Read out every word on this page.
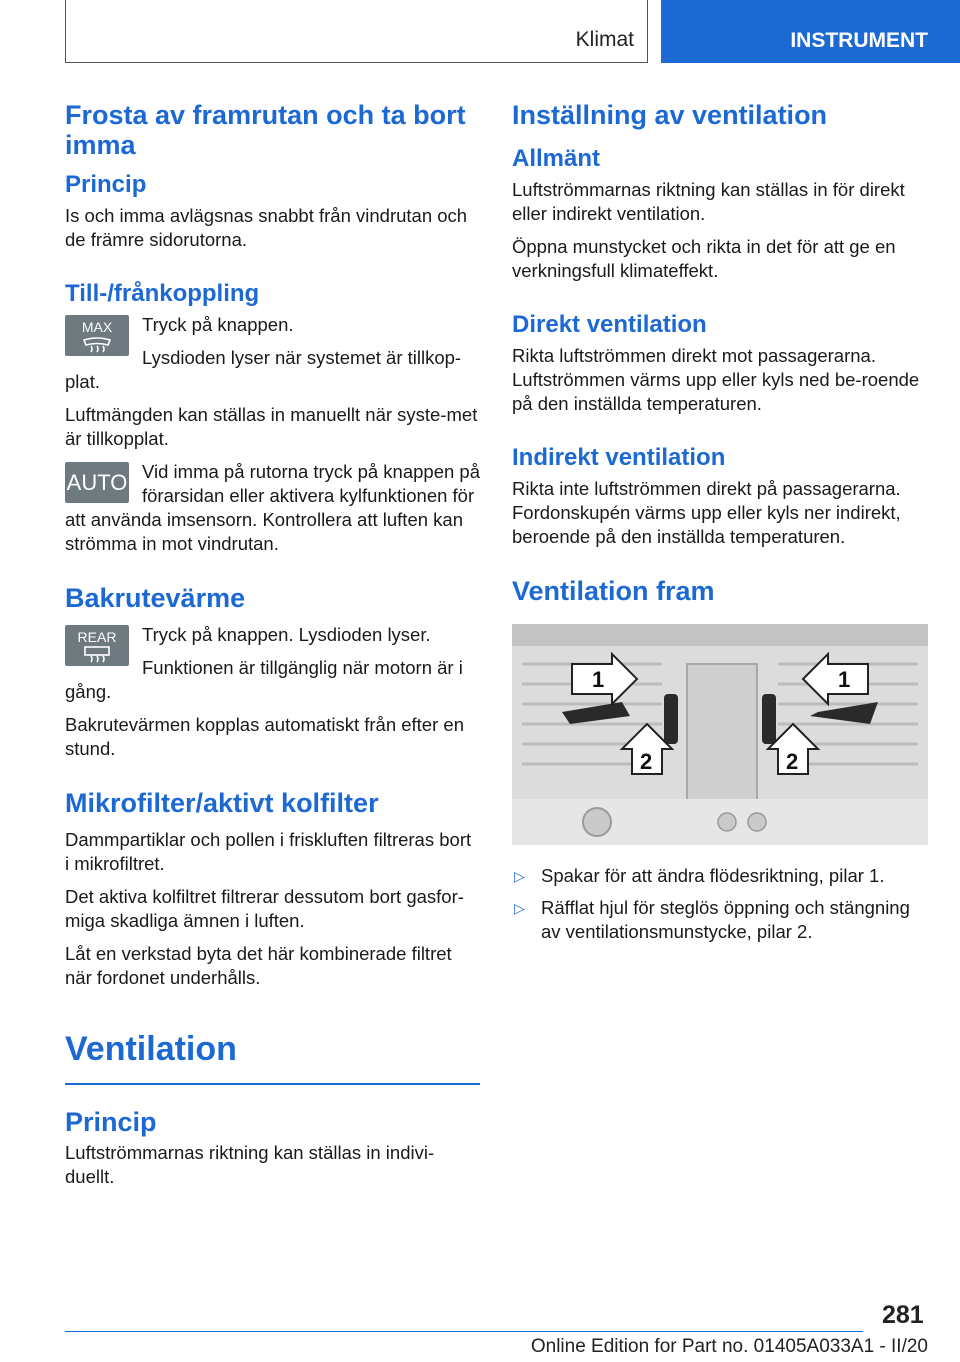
Klimat	INSTRUMENT
Frosta av framrutan och ta bort imma
Princip

Is och imma avlägsnas snabbt från vindrutan och de främre sidorutorna.

Till-/frånkoppling
MAX	Tryck på knappen.

Lysdioden lyser när systemet är tillkop-plat.

Luftmängden kan ställas in manuellt när syste-met är tillkopplat.

AUTO Vid imma på rutorna tryck på knappen på förarsidan eller aktivera kylfunktionen för att använda imsensorn. Kontrollera att luften kan strömma in mot vindrutan.

Bakrutevärme
REAR	Tryck på knappen. Lysdioden lyser.

Funktionen är tillgänglig när motorn är i gång.

Bakrutevärmen kopplas automatiskt från efter en stund.

Mikrofilter/aktivt kolfilter

Dammpartiklar och pollen i friskluften filtreras bort i mikrofiltret.

Det aktiva kolfiltret filtrerar dessutom bort gasfor-miga skadliga ämnen i luften.

Låt en verkstad byta det här kombinerade filtret när fordonet underhålls.

Ventilation
Princip

Luftströmmarnas riktning kan ställas in indivi-duellt.

Inställning av ventilation
Allmänt

Luftströmmarnas riktning kan ställas in för direkt eller indirekt ventilation.

Öppna munstycket och rikta in det för att ge en verkningsfull klimateffekt.

Direkt ventilation

Rikta luftströmmen direkt mot passagerarna. Luftströmmen värms upp eller kyls ned be-roende på den inställda temperaturen.

Indirekt ventilation

Rikta inte luftströmmen direkt på passagerarna. Fordonskupén värms upp eller kyls ner indirekt, beroende på den inställda temperaturen.

Ventilation fram
1	1
2	2
▷ Spakar för att ändra flödesriktning, pilar 1.
▷ Räfflat hjul för steglös öppning och stängning av ventilationsmunstycke, pilar 2.
281
Online Edition for Part no. 01405A033A1 - II/20
